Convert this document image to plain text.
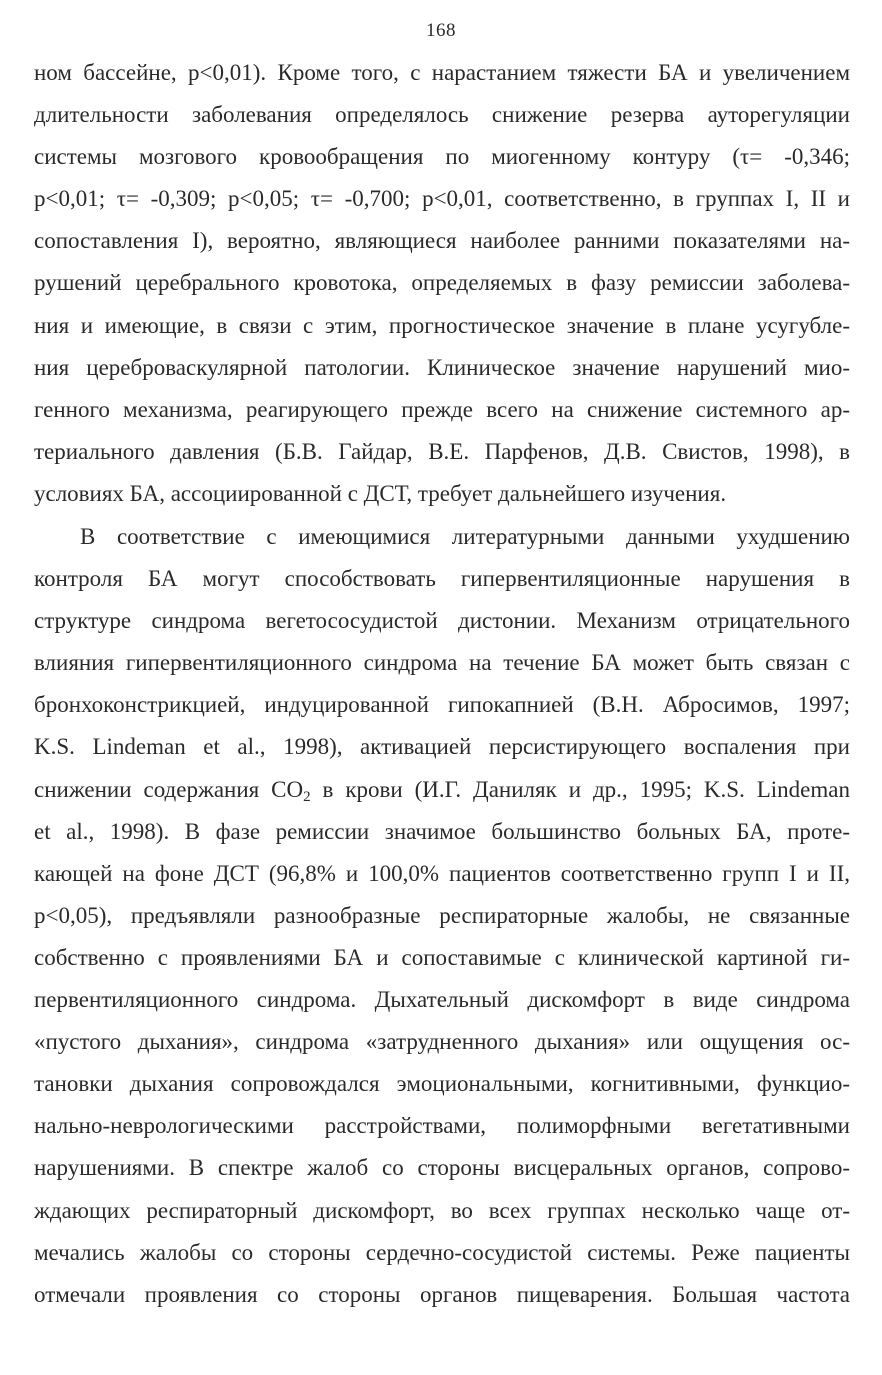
168
ном бассейне, p<0,01). Кроме того, с нарастанием тяжести БА и увеличением
длительности заболевания определялось снижение резерва ауторегуляции
системы мозгового кровообращения по миогенному контуру (τ= -0,346;
p<0,01; τ= -0,309; p<0,05; τ= -0,700; p<0,01, соответственно, в группах I, II и
сопоставления I), вероятно, являющиеся наиболее ранними показателями на-
рушений церебрального кровотока, определяемых в фазу ремиссии заболева-
ния и имеющие, в связи с этим, прогностическое значение в плане усугубле-
ния цереброваскулярной патологии. Клиническое значение нарушений мио-
генного механизма, реагирующего прежде всего на снижение системного ар-
териального давления (Б.В. Гайдар, В.Е. Парфенов, Д.В. Свистов, 1998), в
условиях БА, ассоциированной с ДСТ, требует дальнейшего изучения.
В соответствие с имеющимися литературными данными ухудшению
контроля БА могут способствовать гипервентиляционные нарушения в
структуре синдрома вегетососудистой дистонии. Механизм отрицательного
влияния гипервентиляционного синдрома на течение БА может быть связан с
бронхоконстрикцией, индуцированной гипокапнией (В.Н. Абросимов, 1997;
K.S. Lindeman et al., 1998), активацией персистирующего воспаления при
снижении содержания $CO_2$ в крови (И.Г. Даниляк и др., 1995; K.S. Lindeman
et al., 1998). В фазе ремиссии значимое большинство больных БА, проте-
кающей на фоне ДСТ (96,8% и 100,0% пациентов соответственно групп I и II,
p<0,05), предъявляли разнообразные респираторные жалобы, не связанные
собственно с проявлениями БА и сопоставимые с клинической картиной ги-
первентиляционного синдрома. Дыхательный дискомфорт в виде синдрома
«пустого дыхания», синдрома «затрудненного дыхания» или ощущения ос-
тановки дыхания сопровождался эмоциональными, когнитивными, функцио-
нально-неврологическими расстройствами, полиморфными вегетативными
нарушениями. В спектре жалоб со стороны висцеральных органов, сопрово-
ждающих респираторный дискомфорт, во всех группах несколько чаще от-
мечались жалобы со стороны сердечно-сосудистой системы. Реже пациенты
отмечали проявления со стороны органов пищеварения. Большая частота
